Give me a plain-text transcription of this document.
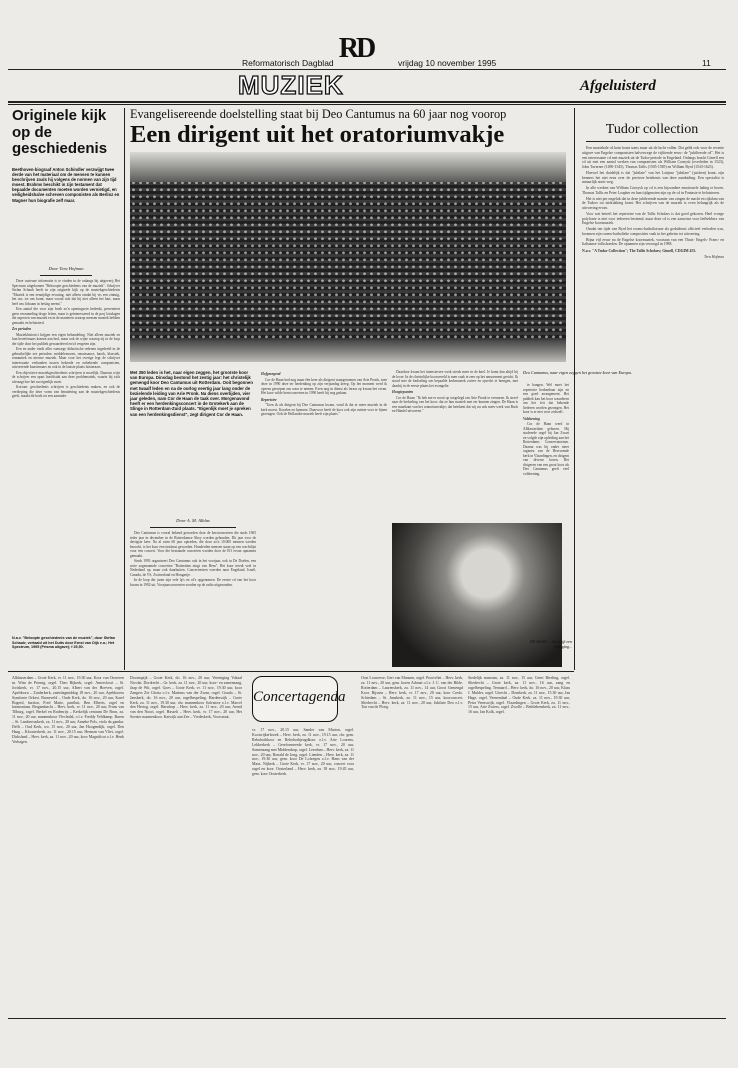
RD
Reformatorisch Dagblad	vrijdag 10 november 1995	11
MUZIEK	Afgeluisterd
Originele kijk op de geschiedenis
Beethoven-biograaf Anton Schindler verzwijgt twee derde van het materiaal om de mensen te kunnen beschrijven zoals hij volgens de normen van zijn tijd moest. Brahms beschikt in zijn testament dat bepaalde documenten moeten worden vernietigd, en veiligheidshalve schreven componisten als Berlioz en Wagner hun biografie zelf maar.
Door Tera Hofman

Deze curieuze informatie is te vinden in de onlangs bij uitgeverij Het Spectrum uitgekomen "Belooopte geschiedenis van de muziek". Schrijver Stefan Schaub heeft in zijn originele kijk op de muziekgeschiedenis "Muziek is een eenzijdige ervaring, niet alleen omdat hij vis een zintuig, het oor, tot ons komt, maar vooral ook dat hij niet alleen het hart, maar heel ons lichaam in beslag neemt."

Een aantal die voor zijn boek zo'n openingszin bedenkt, presenteert geen verzameling droge feiten, maar is geïnteresseerd in de proj lotsdagen die aspecten van muziek en in de manieren waarop mensen muziek hebben gemaakt en beluisterd.

Zes perioden

Muziekhistorici krijgen een eigen behandeling. Niet alleen muziek en hun beoefenaars komen aan bod, maar ook de wijze waarop zij in de loop der tijde door het publiek gewaardeerd en/of vergeten zijn.

Een en ander vindt alles vanwege didactische redenen ingedeeld in de gebruikelijke zes perioden: middeleeuwen, renaissance, barok, klassiek, romantiek en nieuwe muziek. Maar voor het overige legt de schrijver interessante verbanden tussen bekende en onbekende componisten, uitvoerende kunstenaars en ook in de laatste plaats luisteraars.

Een objectieve muziekgeschiedenis schrijven is moeilijk. Daarom wijst de schrijver een apart hoofdstuk aan deze problematiek, waarin hij zich afvraagt hoe het nu eigenlijk moet.

Kortom: geschiedenis schrijven is geschiedenis maken, en ook de verdieping die deze vorm van benadering aan de muziekgeschiedenis geeft, maakt dit boek tot een aanrader.

N.a.v. "Beloopte geschiedenis van de muziek", door Stefan Schaub; vertaald uit het Duits door Ernst van Dijk e.a.; Het Spectrum, 1995 (Prisma uitgave); f 25,50.
Evangelisereende doelstelling staat bij Deo Cantumus na 60 jaar nog voorop
Een dirigent uit het oratoriumvakje
Met 350 leden is het, naar eigen zeggen, het grootste koor van Europa. Dinsdag bestond het zestig jaar: het christelijk gemengd koor Deo Cantumus uit Rotterdam. Ooit begonnen met twaalf leden en na de oorlog veertig jaar lang onder de bezielende leiding van Arie Pronk. Na diens overlijden, vier jaar geleden, nam Cor de Haan de taak over. Morgenavond heeft er een herdenkingsconcert in de Grotekerk aan de Slinge in Rotterdam-Zuid plaats. "Eigenlijk moet je spreken van een herdenkingsdienst", zegt dirigent Cor de Haan.
Door A. M. Alblas

Deo Cantumus is vooral bekend geworden door de kerstconcerten die sinds 1965 ieder jaar in december in de Rotterdamse Ahoy worden gehouden. Dit jaar voor de dertigste keer. Na al ruim 60 jaar optreden, die door zo'n 10.000 mensen werden bezocht, is het koor een instituut geworden. Honderden mensen staan op een wachtlijst voor een concert. Voor die bestaande concerten worden door de EO ervan opnamen gemaakt.

Sinds 1993 organiseert Deo Cantumus ook in het voorjaar, ook in De Doelen, een serie zogenaamde concerten "Rotterdam zingt van Hem". Het koor treedt veel in Nederland op, maar ook daarbuiten. Concertreizen voerden naar Engeland, Israël, Canada, de VS, Zwitserland en Hongarije.

In de loop der jaren zijn vele lp's en cd's opgenomen. De eerste cd van het koor kwam in 1992 uit. Voorjaarsconcerten worden op de radio uitgezonden.

Hofgezegend

Cor de Haan had nog maar één keer als dirigent waargenomen van Arie Pronk, toen deze in 1990 deze ter herdenking op zijn verjaardag kreeg. Op het moment werd ik opeens geroepen om waar te nemen. Even nog in dienst als leraar op kwam het ervan. Het koor wilde kerstconcerten in 1990 heeft hij nog gedaan.

Repertoire

"Toen ik als dirigent bij Deo Cantumus kwam, vond ik dat er meer muziek in de kerk moest. Koralen en hymnen. Daarvoor heeft de koor ook zijn ruimte voor te fijnen gezongen. Ook de Hollandse muziek heeft zijn plaats."

Daardoor kwam het intensievere werk sterds meer in de knel. Je komt dan altijd bij de lover. In de christelijke koorwereld is men vaak te zeer op het amusement gericht. Ik stond met de bedoeling om bepaalde kerkmuziek zuiver en oprecht te brengen, met daarbij in de eerste plaats het evangelie.

Hoogtepunten

Cor de Haan: "Ik heb me er nooit op toegelegd om Arie Pronk te evenaren. Ik streef naar de bedoeling van het koor: dat ze hun muziek met eer kunnen zingen. De Haan is een muzikant van het oratoriumvakje; dat betekent dat wij nu ook meer werk van Bach en Händel uitvoeren."

DE HAAN: ...het blijft een uitdaging...
Deo Cantumus, naar eigen zeggen het grootste koor van Europa.

te hangen. Wel moet het repertoire herkenbaar zijn en een goed arrangement. Het publiek kan het koor waarderen om het feit dat bekende liederen worden gezongen. Het koor is er niet voor zichzelf.

Voldoening

Cor de Haan werd in Alblasserdam geboren. Hij studeerde orgel bij Jan Zwart en volgde zijn opleiding aan het Rotterdams Conservatorium. Daarna was hij onder meer organist van de Hervormde kerk in Vlaardingen, en dirigent van diverse koren. Het dirigeren van een groot koor als Deo Cantumus geeft veel voldoening.

Tudor collection

Een muziekale cd kom komt soms maar uit de lucht vallen. Dat geldt ook voor de recente uitgave van Engelse componisten halverwege de vijftiende eeuw: de "jubilieerde cd". Het is een interessante cd met muziek uit de Tudor-periode in Engeland. Onlangs bracht Gimell een cd uit met een aantal werken van componisten als William Cornysh (overleden in 1523), John Taverner (1490-1545), Thomas Tallis (1505-1585) en William Byrd (1543-1623).

Hoewel het duidelijk is dat "jubilate" van het Latijnse "jubilare" (juichen) komt, zijn kenners het niet eens over de precieze betekenis van deze aanduiding. Een specialist is natuurlijk nooit weg.

In alle werken van William Cornysh op cd is een bijzondere emotionele lading te horen. Thomas Tallis en Peter Loapher en hun tijdgenoten zijn op de cd in Fantasie te beluisteren.

Het is niet per ongeluk dat in deze jubilerende manier van zingen de macht en rijkdom van de Tudors tot uitdrukking komt. Het schrijven van de muziek is even belangrijk als de uitvoering ervan.

Voor wat betreft het repertoire van de Tallis Scholars is dat goed gekozen. Heel vroege polyfonie is niet voor iedereen bestemd, maar deze cd is een aanwinst voor liefhebbers van Engelse koormuziek.

Omdat ten tijde van Byrd het rooms-katholicisme als godsdienst officieel verboden was, kwamen zijn rooms-katholieke composities vaak in het geheim tot uitvoering.

Bijna vijf eeuw na de Engelse koormuziek, voortaan van een Thuis- Engels- Frans- en Italiaanse volkshoeden. De opnamen zijn verzorgd in 1988.

N.a.v. "A Tudor Collection"; The Tallis Scholars; Gimell, CDGIM 455.

Tera Hofman

Alblasserdam – Grote Kerk, vr. 11 nov., 19.30 uur, Koor van Ouweren m. Wim de Prienig, orgel. Theo Bijkerk, orgel. Amersfoort – St. Joriskerk, vr. 17 nov., 20.15 uur, Albert van der Hoeven, orgel. Apeldoorn – Zuiderkerk, zaterdagmiddag 18 nov., 20 uur, Apeldoorns Symfonie Orkest. Barneveld – Oude Kerk, do. 16 nov., 20 uur, Karel Bogerd, bariton, Fred Matte, panfluit, Ben Elberts, orgel en harmonium. Bergambacht – Herv. kerk, vr. 11 nov., 20 uur, Frans van Tilburg, orgel. Berkel en Rodenrijs – Kerkelijk centrum De Bron, za. 11 nov., 20 uur, mannenkoor Vlechtdal, o.l.v. Freddy Veldkamp. Buren – St. Lambertuskerk, za. 11 nov., 20 uur, Anneke Pols, viola da gamba. Delft – Oud Kerk, wo. 15 nov., 20 uur, Jan Hoogendijk, orgel. Den Haag – Kloosterkerk, za. 11 nov., 20.15 uur, Herman van Vliet, orgel. Dirksland – Herv. kerk, za. 11 nov., 20 uur, koor Magnificat o.l.v. Henk Verhagen.
Doornspijk – Grote Kerk, do. 16 nov., 20 uur, Vereniging Vokaal Nicolai. Dordrecht – Gr. kerk, za. 11 nov., 20 uur, koor- en samenzang, Jaap de Wit, orgel. Goes – Grote Kerk, vr. 11 nov., 19.30 uur, koor Zangers Zie Gloria o.l.v. Marinus van der Zwan, orgel. Gouda – St. Janskerk, do. 16 nov., 20 uur, orgelbespeling. Hardenwijk – Grote Kerk, za. 11 nov., 19.30 uur, chr. mannenkoor Salvatore o.l.v. Marcel den Hertog, orgel. Harsdorp – Herv. kerk, za. 11 nov., 20 uur, Arend van den Noort, orgel. Hasselt – Herv. kerk, vr. 17 nov., 20 uur, Het Soester mannenkoor. Katwijk aan Zee – Vredeskerk, Voorstraat.
Concertagenda
vr. 17 nov., 20.15 uur, Sander van Marion, orgel. Kootwijkerbroek – Herv. kerk, za. 11 nov., 19.15 uur, chr. gem. Rehobothkoor en Rehobothjeugdkoor o.l.v. Arie Lourens. Lekkerkerk – Gereformeerde kerk, vr. 17 nov., 20 uur, Samenzang met Middendorp, orgel. Leerdam – Herv. kerk, za. 11 nov., 20 uur, Ronald de Jong, orgel. Lienden – Herv. kerk, za. 11 nov., 19.30 uur, gem. koor De Lofzegen o.l.v. Hans van der Maas. Nijkerk – Grote Kerk, vr. 17 nov., 20 uur, concert voor orgel en koor. Oosterland – Herv. kerk, za. 18 nov., 19.45 uur, gem. koor Oosterkerk.
Oost Louwerse, Gert van Manuen, orgel. Poortvliet – Herv. kerk, za. 11 nov., 20 uur, gem. koren Adonai o.l.v. J. C. van der Bilde. Rotterdam – Laurenskerk, za. 11 nov., 14 uur, Groot Gemengd Koor. Rijssen – Herv. kerk, vr. 17 nov., 20 uur, koor Credo. Schiedam – St. Janskerk, za. 11 nov., 15 uur, koorconcert. Sliedrecht – Herv. kerk, za. 11 nov., 20 uur, Jubilate Deo o.l.v. Ton van de Ploeg.
Stedelijk museum, za. 11 nov., 15 uur, Geert Bierling, orgel. Sliedrecht – Grote kerk, za. 11 nov., 16 uur, zang en orgelbespeling. Ternaard – Herv. kerk, do. 16 nov., 20 uur, Klaas J. Mulder, orgel. Utrecht – Domkerk, za. 11 nov., 15.30 uur, Jan Hage, orgel. Veenendaal – Oude Kerk, za. 11 nov., 19.30 uur, Petra Veenswijk, orgel. Vlaardingen – Grote Kerk, za. 11 nov., 15 uur, Arie Zwiers, orgel. Zwolle – Bethlehemkerk, za. 11 nov., 16 uur, Jan Kolk, orgel.
